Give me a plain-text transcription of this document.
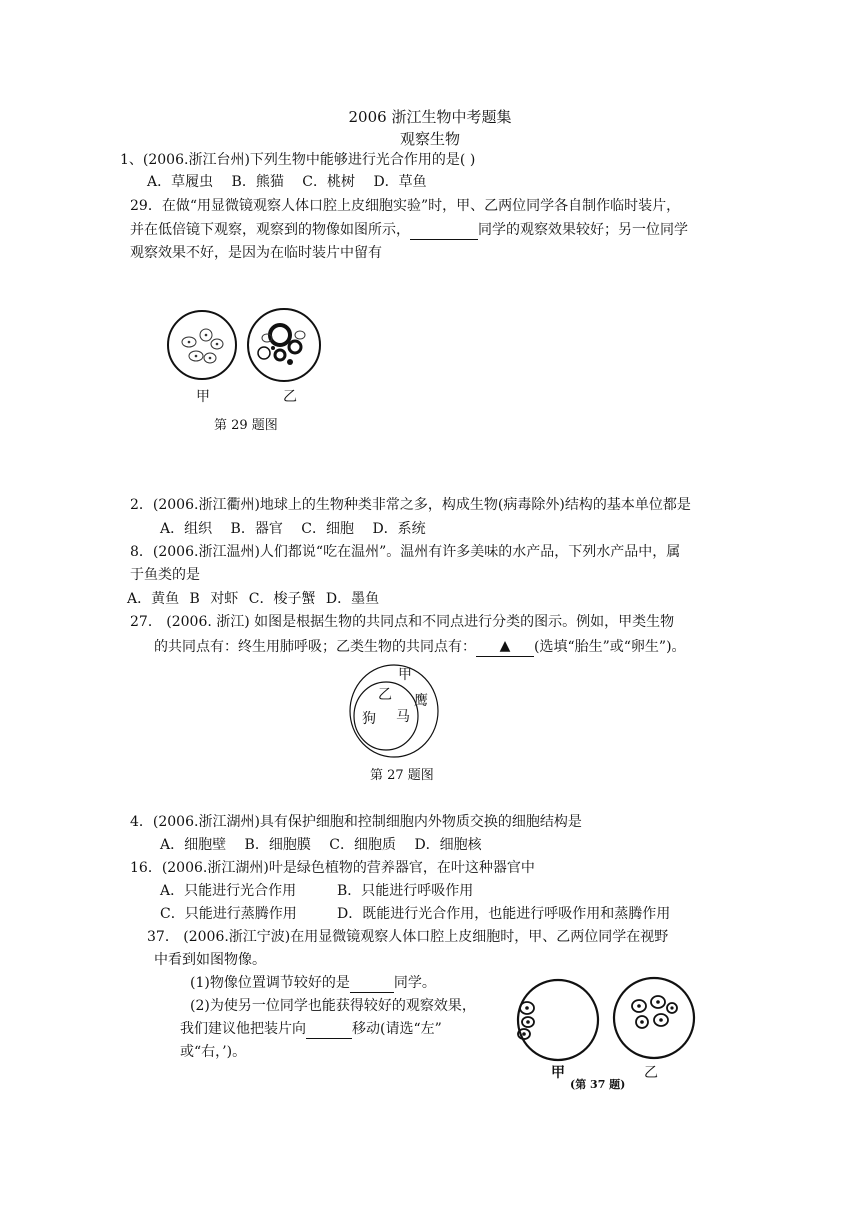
2006 浙江生物中考题集
观察生物
1、(2006.浙江台州)下列生物中能够进行光合作用的是( )
A．草履虫 B．熊猫 C．桃树 D．草鱼
29．在做“用显微镜观察人体口腔上皮细胞实验”时，甲、乙两位同学各自制作临时装片，
并在低倍镜下观察，观察到的物像如图所示，	同学的观察效果较好；另一位同学
观察效果不好，是因为在临时装片中留有
甲	乙
第 29 题图
2．(2006.浙江衢州)地球上的生物种类非常之多，构成生物(病毒除外)结构的基本单位都是
A．组织 B．器官 C．细胞 D．系统
8．(2006.浙江温州)人们都说“吃在温州”。温州有许多美味的水产品，下列水产品中，属
于鱼类的是
A．黄鱼 B 对虾 C．梭子蟹 D．墨鱼
27． (2006. 浙江) 如图是根据生物的共同点和不同点进行分类的图示。例如，甲类生物
的共同点有：终生用肺呼吸；乙类生物的共同点有： ▲ (选填“胎生”或“卵生”)。
甲
乙 鹰
狗 马
第 27 题图
4．(2006.浙江湖州)具有保护细胞和控制细胞内外物质交换的细胞结构是
A．细胞壁 B．细胞膜 C．细胞质 D．细胞核
16．(2006.浙江湖州)叶是绿色植物的营养器官，在叶这种器官中
A．只能进行光合作用	B．只能进行呼吸作用
C．只能进行蒸腾作用	D．既能进行光合作用，也能进行呼吸作用和蒸腾作用
37． (2006.浙江宁波)在用显微镜观察人体口腔上皮细胞时，甲、乙两位同学在视野
中看到如图物像。
(1)物像位置调节较好的是	同学。
(2)为使另一位同学也能获得较好的观察效果，
我们建议他把装片向	移动(请选“左”
或“右，’)。
甲	乙
(第 37 题)
